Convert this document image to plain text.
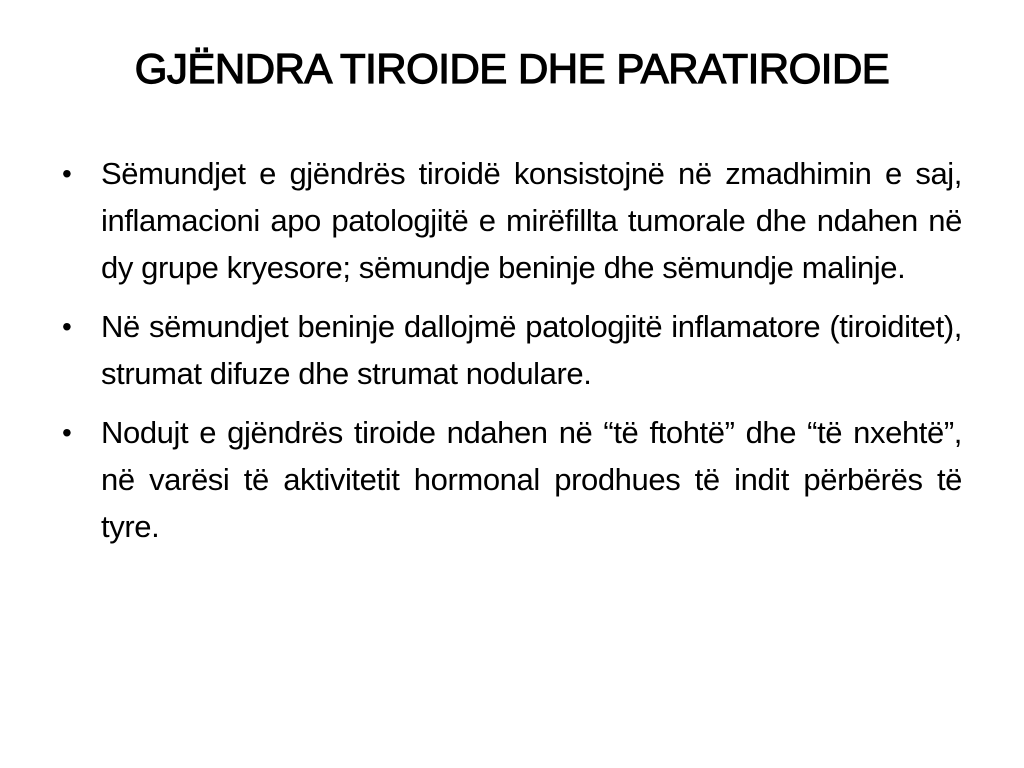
GJËNDRA TIROIDE DHE PARATIROIDE
• Sëmundjet e gjëndrës tiroidë konsistojnë në zmadhimin e saj, inflamacioni apo patologjitë e mirëfillta tumorale dhe ndahen në dy grupe kryesore; sëmundje beninje dhe sëmundje malinje.
• Në sëmundjet beninje dallojmë patologjitë inflamatore (tiroiditet), strumat difuze dhe strumat nodulare.
• Nodujt e gjëndrës tiroide ndahen në “të ftohtë” dhe “të nxehtë”, në varësi të aktivitetit hormonal prodhues të indit përbërës të tyre.
